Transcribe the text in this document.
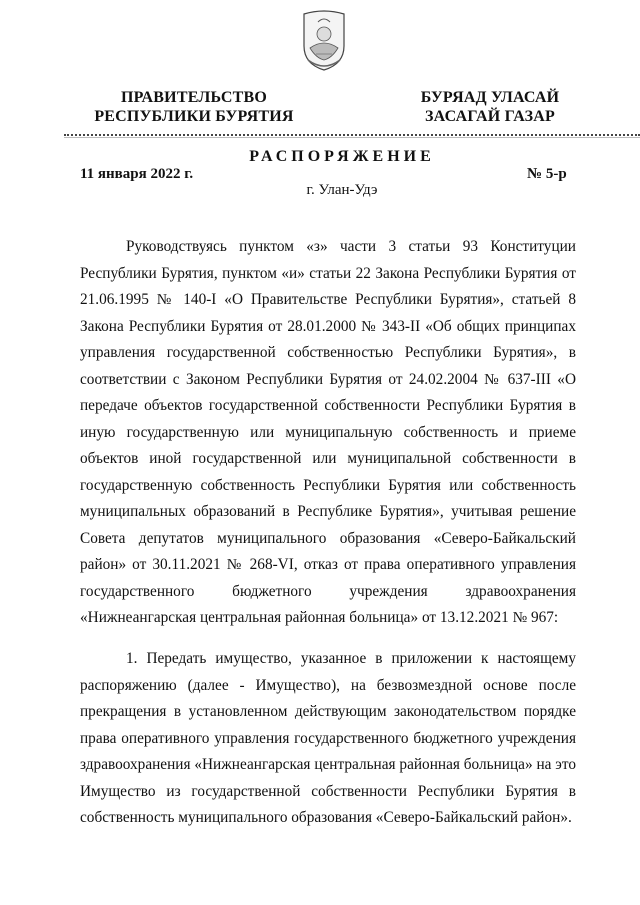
ПРАВИТЕЛЬСТВО
РЕСПУБЛИКИ БУРЯТИЯ
БУРЯАД УЛАСАЙ
ЗАСАГАЙ ГАЗАР
РАСПОРЯЖЕНИЕ
11 января 2022 г.	№ 5-р
г. Улан-Удэ

Руководствуясь пунктом «з» части 3 статьи 93 Конституции Республики Бурятия, пунктом «и» статьи 22 Закона Республики Бурятия от 21.06.1995 № 140-I «О Правительстве Республики Бурятия», статьей 8 Закона Республики Бурятия от 28.01.2000 № 343-II «Об общих принципах управления государственной собственностью Республики Бурятия», в соответствии с Законом Республики Бурятия от 24.02.2004 № 637-III «О передаче объектов государственной собственности Республики Бурятия в иную государственную или муниципальную собственность и приеме объектов иной государственной или муниципальной собственности в государственную собственность Республики Бурятия или собственность муниципальных образований в Республике Бурятия», учитывая решение Совета депутатов муниципального образования «Северо-Байкальский район» от 30.11.2021 № 268-VI, отказ от права оперативного управления государственного бюджетного учреждения здравоохранения «Нижнеангарская центральная районная больница» от 13.12.2021 № 967:

1. Передать имущество, указанное в приложении к настоящему распоряжению (далее - Имущество), на безвозмездной основе после прекращения в установленном действующим законодательством порядке права оперативного управления государственного бюджетного учреждения здравоохранения «Нижнеангарская центральная районная больница» на это Имущество из государственной собственности Республики Бурятия в собственность муниципального образования «Северо-Байкальский район».
